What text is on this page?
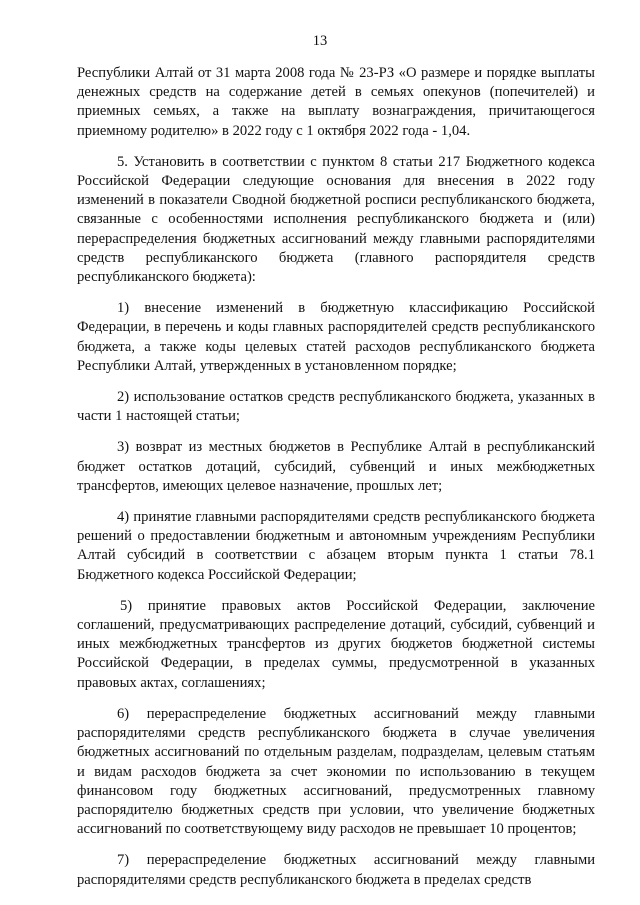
13

Республики Алтай от 31 марта 2008 года № 23-РЗ «О размере и порядке выплаты денежных средств на содержание детей в семьях опекунов (попечителей) и приемных семьях, а также на выплату вознаграждения, причитающегося приемному родителю» в 2022 году с 1 октября 2022 года - 1,04.

5. Установить в соответствии с пунктом 8 статьи 217 Бюджетного кодекса Российской Федерации следующие основания для внесения в 2022 году изменений в показатели Сводной бюджетной росписи республиканского бюджета, связанные с особенностями исполнения республиканского бюджета и (или) перераспределения бюджетных ассигнований между главными распорядителями средств республиканского бюджета (главного распорядителя средств республиканского бюджета):

1) внесение изменений в бюджетную классификацию Российской Федерации, в перечень и коды главных распорядителей средств республиканского бюджета, а также коды целевых статей расходов республиканского бюджета Республики Алтай, утвержденных в установленном порядке;

2) использование остатков средств республиканского бюджета, указанных в части 1 настоящей статьи;

3) возврат из местных бюджетов в Республике Алтай в республиканский бюджет остатков дотаций, субсидий, субвенций и иных межбюджетных трансфертов, имеющих целевое назначение, прошлых лет;

4) принятие главными распорядителями средств республиканского бюджета решений о предоставлении бюджетным и автономным учреждениям Республики Алтай субсидий в соответствии с абзацем вторым пункта 1 статьи 78.1 Бюджетного кодекса Российской Федерации;

5) принятие правовых актов Российской Федерации, заключение соглашений, предусматривающих распределение дотаций, субсидий, субвенций и иных межбюджетных трансфертов из других бюджетов бюджетной системы Российской Федерации, в пределах суммы, предусмотренной в указанных правовых актах, соглашениях;

6) перераспределение бюджетных ассигнований между главными распорядителями средств республиканского бюджета в случае увеличения бюджетных ассигнований по отдельным разделам, подразделам, целевым статьям и видам расходов бюджета за счет экономии по использованию в текущем финансовом году бюджетных ассигнований, предусмотренных главному распорядителю бюджетных средств при условии, что увеличение бюджетных ассигнований по соответствующему виду расходов не превышает 10 процентов;

7) перераспределение бюджетных ассигнований между главными распорядителями средств республиканского бюджета в пределах средств
